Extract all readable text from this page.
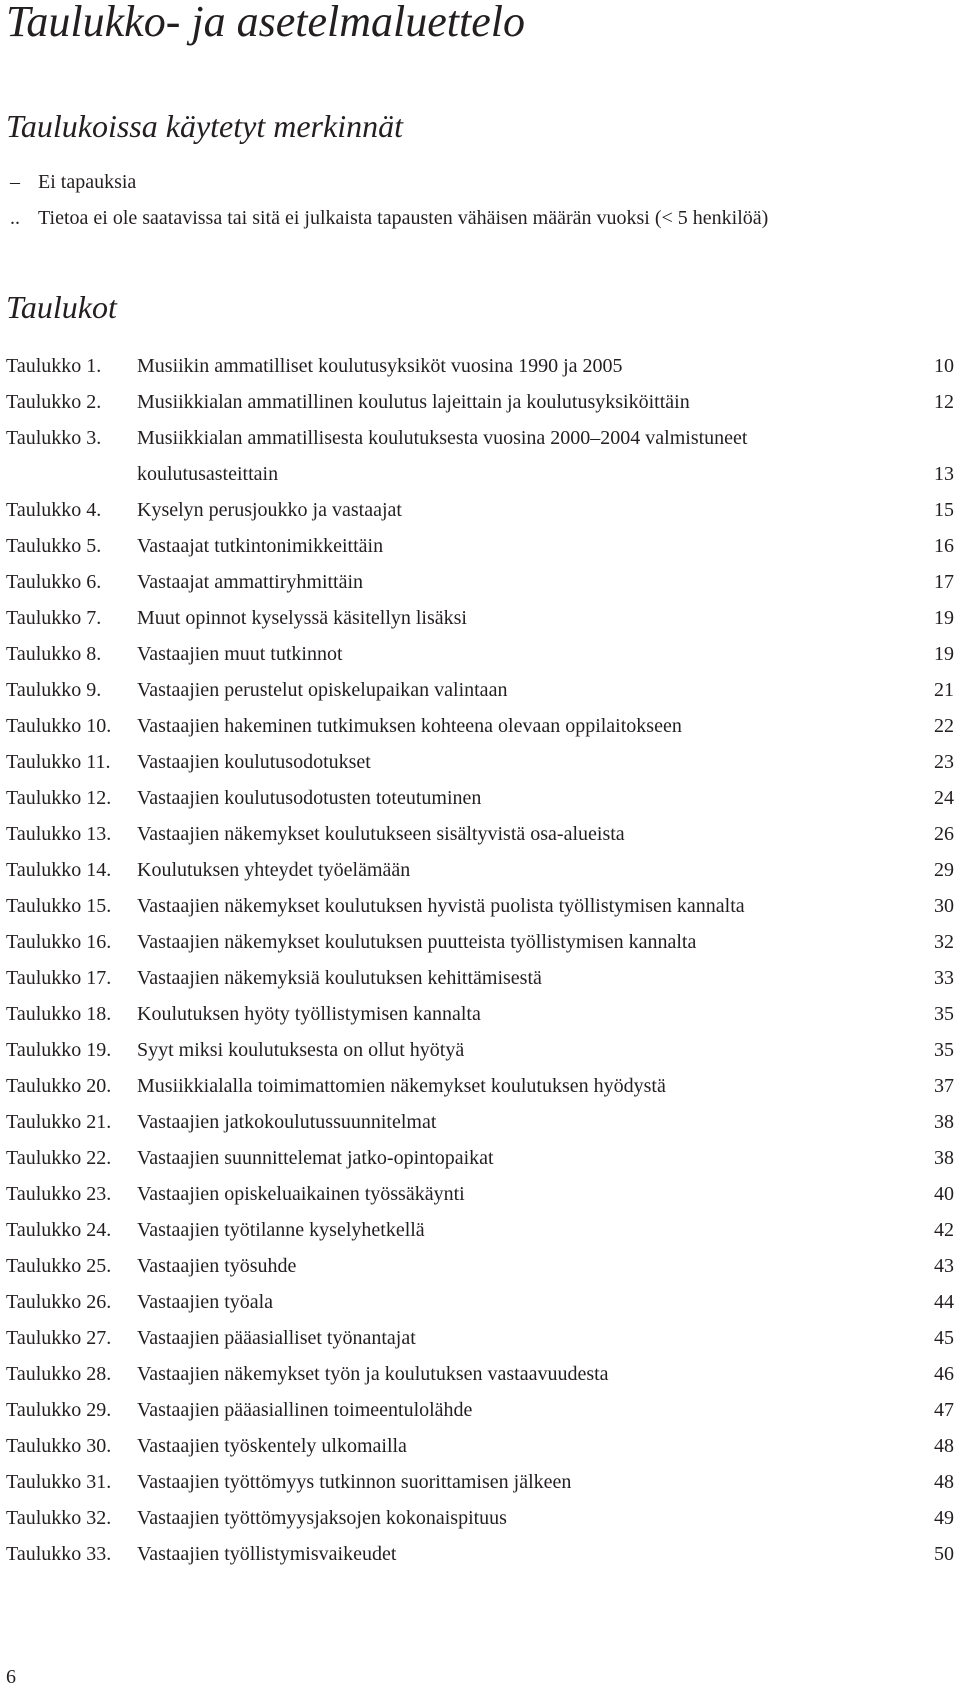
Taulukko- ja asetelmaluettelo
Taulukoissa käytetyt merkinnät
– Ei tapauksia
.. Tietoa ei ole saatavissa tai sitä ei julkaista tapausten vähäisen määrän vuoksi (< 5 henkilöä)
Taulukot
Taulukko 1. Musiikin ammatilliset koulutusyksiköt vuosina 1990 ja 2005	10
Taulukko 2. Musiikkialan ammatillinen koulutus lajeittain ja koulutusyksiköittäin	12
Taulukko 3. Musiikkialan ammatillisesta koulutuksesta vuosina 2000–2004 valmistuneet koulutusasteittain	13
Taulukko 4. Kyselyn perusjoukko ja vastaajat	15
Taulukko 5. Vastaajat tutkintonimikkeittäin	16
Taulukko 6. Vastaajat ammattiryhmittäin	17
Taulukko 7. Muut opinnot kyselyssä käsitellyn lisäksi	19
Taulukko 8. Vastaajien muut tutkinnot	19
Taulukko 9. Vastaajien perustelut opiskelupaikan valintaan	21
Taulukko 10. Vastaajien hakeminen tutkimuksen kohteena olevaan oppilaitokseen	22
Taulukko 11. Vastaajien koulutusodotukset	23
Taulukko 12. Vastaajien koulutusodotusten toteutuminen	24
Taulukko 13. Vastaajien näkemykset koulutukseen sisältyvistä osa-alueista	26
Taulukko 14. Koulutuksen yhteydet työelämään	29
Taulukko 15. Vastaajien näkemykset koulutuksen hyvistä puolista työllistymisen kannalta	30
Taulukko 16. Vastaajien näkemykset koulutuksen puutteista työllistymisen kannalta	32
Taulukko 17. Vastaajien näkemyksiä koulutuksen kehittämisestä	33
Taulukko 18. Koulutuksen hyöty työllistymisen kannalta	35
Taulukko 19. Syyt miksi koulutuksesta on ollut hyötyä	35
Taulukko 20. Musiikkialalla toimimattomien näkemykset koulutuksen hyödystä	37
Taulukko 21. Vastaajien jatkokoulutussuunnitelmat	38
Taulukko 22. Vastaajien suunnittelemat jatko-opintopaikat	38
Taulukko 23. Vastaajien opiskeluaikainen työssäkäynti	40
Taulukko 24. Vastaajien työtilanne kyselyhetkellä	42
Taulukko 25. Vastaajien työsuhde	43
Taulukko 26. Vastaajien työala	44
Taulukko 27. Vastaajien pääasialliset työnantajat	45
Taulukko 28. Vastaajien näkemykset työn ja koulutuksen vastaavuudesta	46
Taulukko 29. Vastaajien pääasiallinen toimeentulolähde	47
Taulukko 30. Vastaajien työskentely ulkomailla	48
Taulukko 31. Vastaajien työttömyys tutkinnon suorittamisen jälkeen	48
Taulukko 32. Vastaajien työttömyysjaksojen kokonaispituus	49
Taulukko 33. Vastaajien työllistymisvaikeudet	50
6
